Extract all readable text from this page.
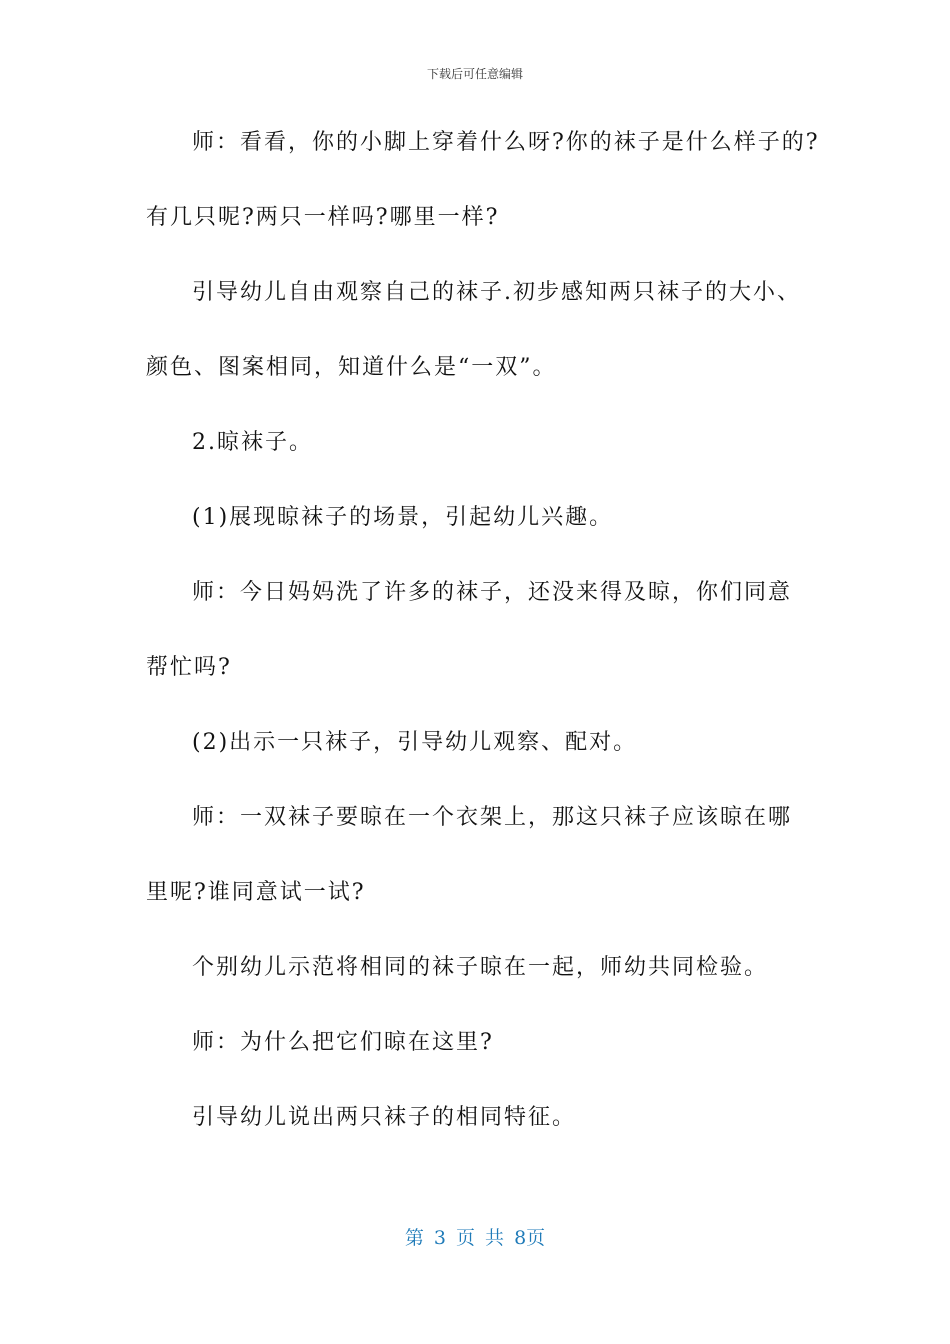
下载后可任意编辑
师：看看，你的小脚上穿着什么呀?你的袜子是什么样子的?
有几只呢?两只一样吗?哪里一样?
引导幼儿自由观察自己的袜子.初步感知两只袜子的大小、
颜色、图案相同，知道什么是“一双”。
2.晾袜子。
(1)展现晾袜子的场景，引起幼儿兴趣。
师：今日妈妈洗了许多的袜子，还没来得及晾，你们同意
帮忙吗?
(2)出示一只袜子，引导幼儿观察、配对。
师：一双袜子要晾在一个衣架上，那这只袜子应该晾在哪
里呢?谁同意试一试?
个别幼儿示范将相同的袜子晾在一起，师幼共同检验。
师：为什么把它们晾在这里?
引导幼儿说出两只袜子的相同特征。
第 3 页 共 8页
